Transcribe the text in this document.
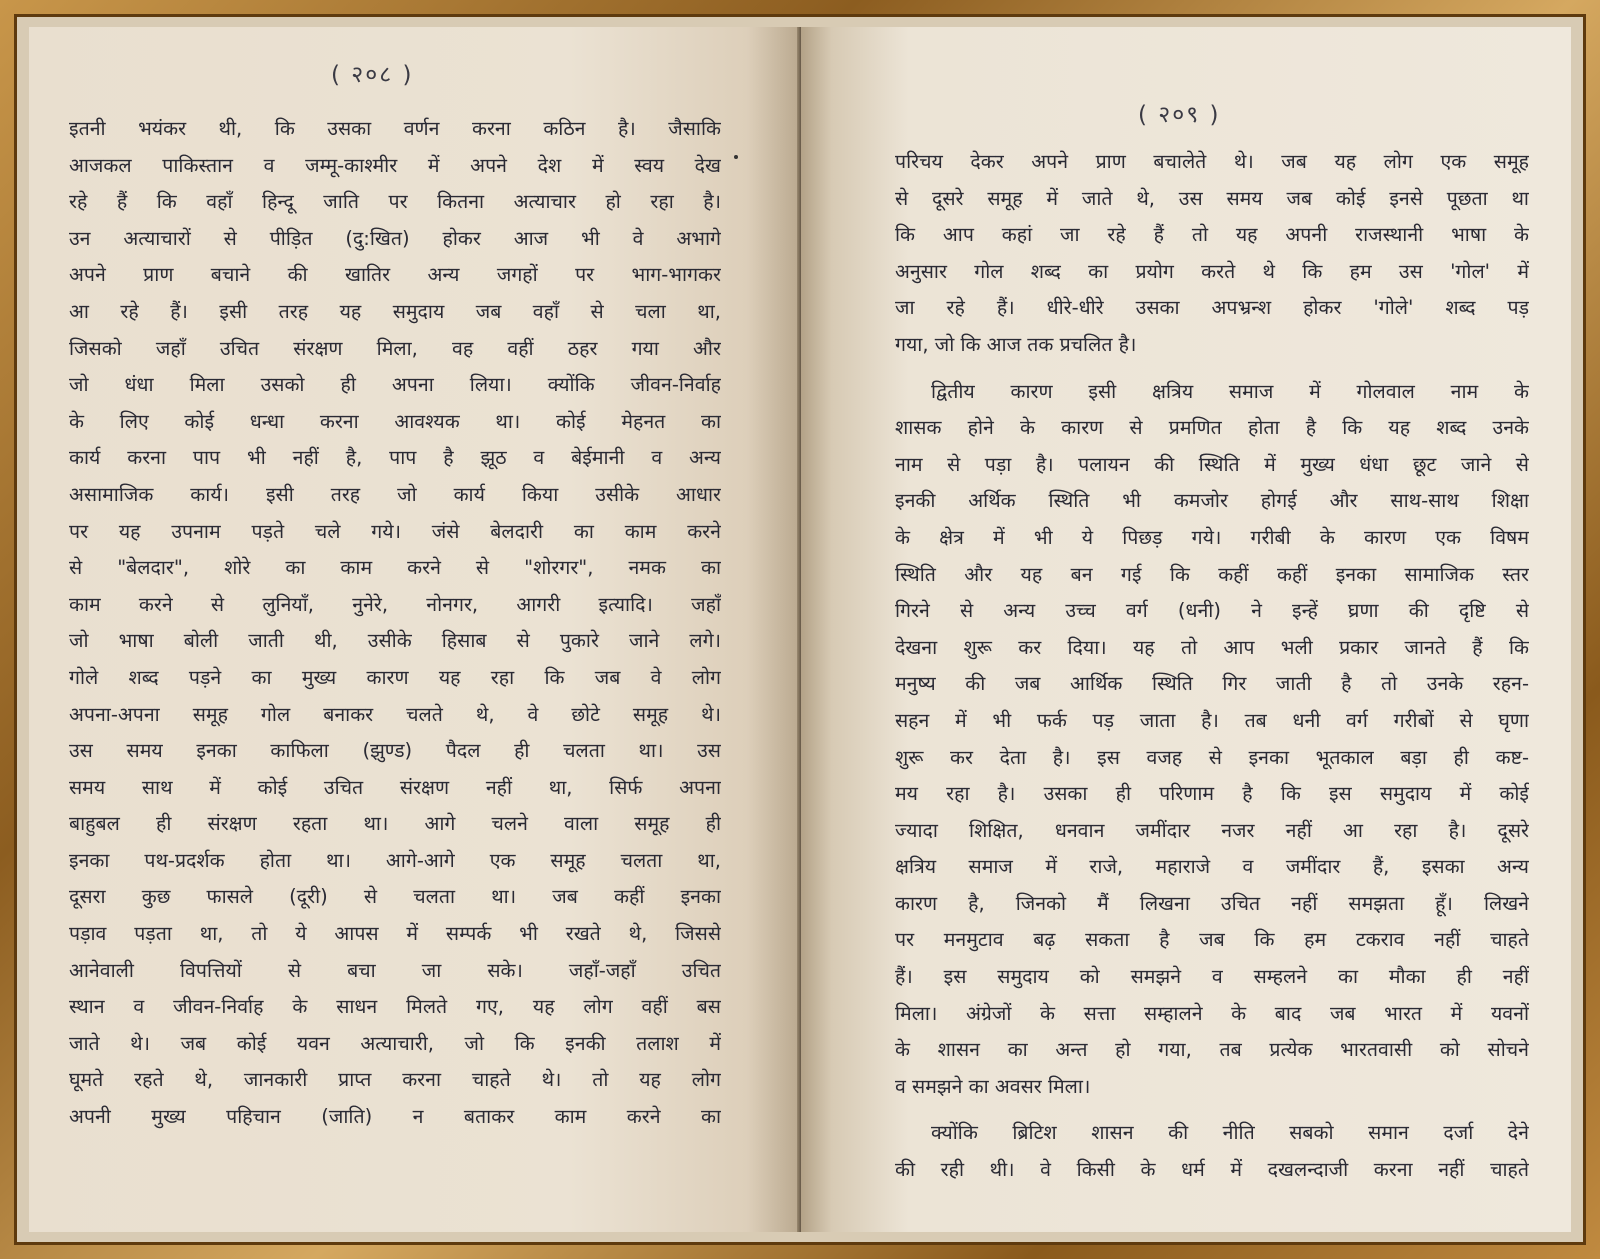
( २०८ )
इतनी भयंकर थी, कि उसका वर्णन करना कठिन है। जैसाकि
आजकल पाकिस्तान व जम्मू-काश्मीर में अपने देश में स्वय देख
रहे हैं कि वहाँ हिन्दू जाति पर कितना अत्याचार हो रहा है।
उन अत्याचारों से पीड़ित (दु:खित) होकर आज भी वे अभागे
अपने प्राण बचाने की खातिर अन्य जगहों पर भाग-भागकर
आ रहे हैं। इसी तरह यह समुदाय जब वहाँ से चला था,
जिसको जहाँ उचित संरक्षण मिला, वह वहीं ठहर गया और
जो धंधा मिला उसको ही अपना लिया। क्योंकि जीवन-निर्वाह
के लिए कोई धन्धा करना आवश्यक था। कोई मेहनत का
कार्य करना पाप भी नहीं है, पाप है झूठ व बेईमानी व अन्य
असामाजिक कार्य। इसी तरह जो कार्य किया उसीके आधार
पर यह उपनाम पड़ते चले गये। जंसे बेलदारी का काम करने
से "बेलदार", शोरे का काम करने से "शोरगर", नमक का
काम करने से लुनियाँ, नुनेरे, नोनगर, आगरी इत्यादि। जहाँ
जो भाषा बोली जाती थी, उसीके हिसाब से पुकारे जाने लगे।
गोले शब्द पड़ने का मुख्य कारण यह रहा कि जब वे लोग
अपना-अपना समूह गोल बनाकर चलते थे, वे छोटे समूह थे।
उस समय इनका काफिला (झुण्ड) पैदल ही चलता था। उस
समय साथ में कोई उचित संरक्षण नहीं था, सिर्फ अपना
बाहुबल ही संरक्षण रहता था। आगे चलने वाला समूह ही
इनका पथ-प्रदर्शक होता था। आगे-आगे एक समूह चलता था,
दूसरा कुछ फासले (दूरी) से चलता था। जब कहीं इनका
पड़ाव पड़ता था, तो ये आपस में सम्पर्क भी रखते थे, जिससे
आनेवाली विपत्तियों से बचा जा सके। जहाँ-जहाँ उचित
स्थान व जीवन-निर्वाह के साधन मिलते गए, यह लोग वहीं बस
जाते थे। जब कोई यवन अत्याचारी, जो कि इनकी तलाश में
घूमते रहते थे, जानकारी प्राप्त करना चाहते थे। तो यह लोग
अपनी मुख्य पहिचान (जाति) न बताकर काम करने का
( २०९ )
परिचय देकर अपने प्राण बचालेते थे। जब यह लोग एक समूह
से दूसरे समूह में जाते थे, उस समय जब कोई इनसे पूछता था
कि आप कहां जा रहे हैं तो यह अपनी राजस्थानी भाषा के
अनुसार गोल शब्द का प्रयोग करते थे कि हम उस 'गोल' में
जा रहे हैं। धीरे-धीरे उसका अपभ्रन्श होकर 'गोले' शब्द पड़
गया, जो कि आज तक प्रचलित है।
द्वितीय कारण इसी क्षत्रिय समाज में गोलवाल नाम के
शासक होने के कारण से प्रमणित होता है कि यह शब्द उनके
नाम से पड़ा है। पलायन की स्थिति में मुख्य धंधा छूट जाने से
इनकी अर्थिक स्थिति भी कमजोर होगई और साथ-साथ शिक्षा
के क्षेत्र में भी ये पिछड़ गये। गरीबी के कारण एक विषम
स्थिति और यह बन गई कि कहीं कहीं इनका सामाजिक स्तर
गिरने से अन्य उच्च वर्ग (धनी) ने इन्हें घ्रणा की दृष्टि से
देखना शुरू कर दिया। यह तो आप भली प्रकार जानते हैं कि
मनुष्य की जब आर्थिक स्थिति गिर जाती है तो उनके रहन-
सहन में भी फर्क पड़ जाता है। तब धनी वर्ग गरीबों से घृणा
शुरू कर देता है। इस वजह से इनका भूतकाल बड़ा ही कष्ट-
मय रहा है। उसका ही परिणाम है कि इस समुदाय में कोई
ज्यादा शिक्षित, धनवान जमींदार नजर नहीं आ रहा है। दूसरे
क्षत्रिय समाज में राजे, महाराजे व जमींदार हैं, इसका अन्य
कारण है, जिनको मैं लिखना उचित नहीं समझता हूँ। लिखने
पर मनमुटाव बढ़ सकता है जब कि हम टकराव नहीं चाहते
हैं। इस समुदाय को समझने व सम्हलने का मौका ही नहीं
मिला। अंग्रेजों के सत्ता सम्हालने के बाद जब भारत में यवनों
के शासन का अन्त हो गया, तब प्रत्येक भारतवासी को सोचने
व समझने का अवसर मिला।
क्योंकि ब्रिटिश शासन की नीति सबको समान दर्जा देने
की रही थी। वे किसी के धर्म में दखलन्दाजी करना नहीं चाहते
